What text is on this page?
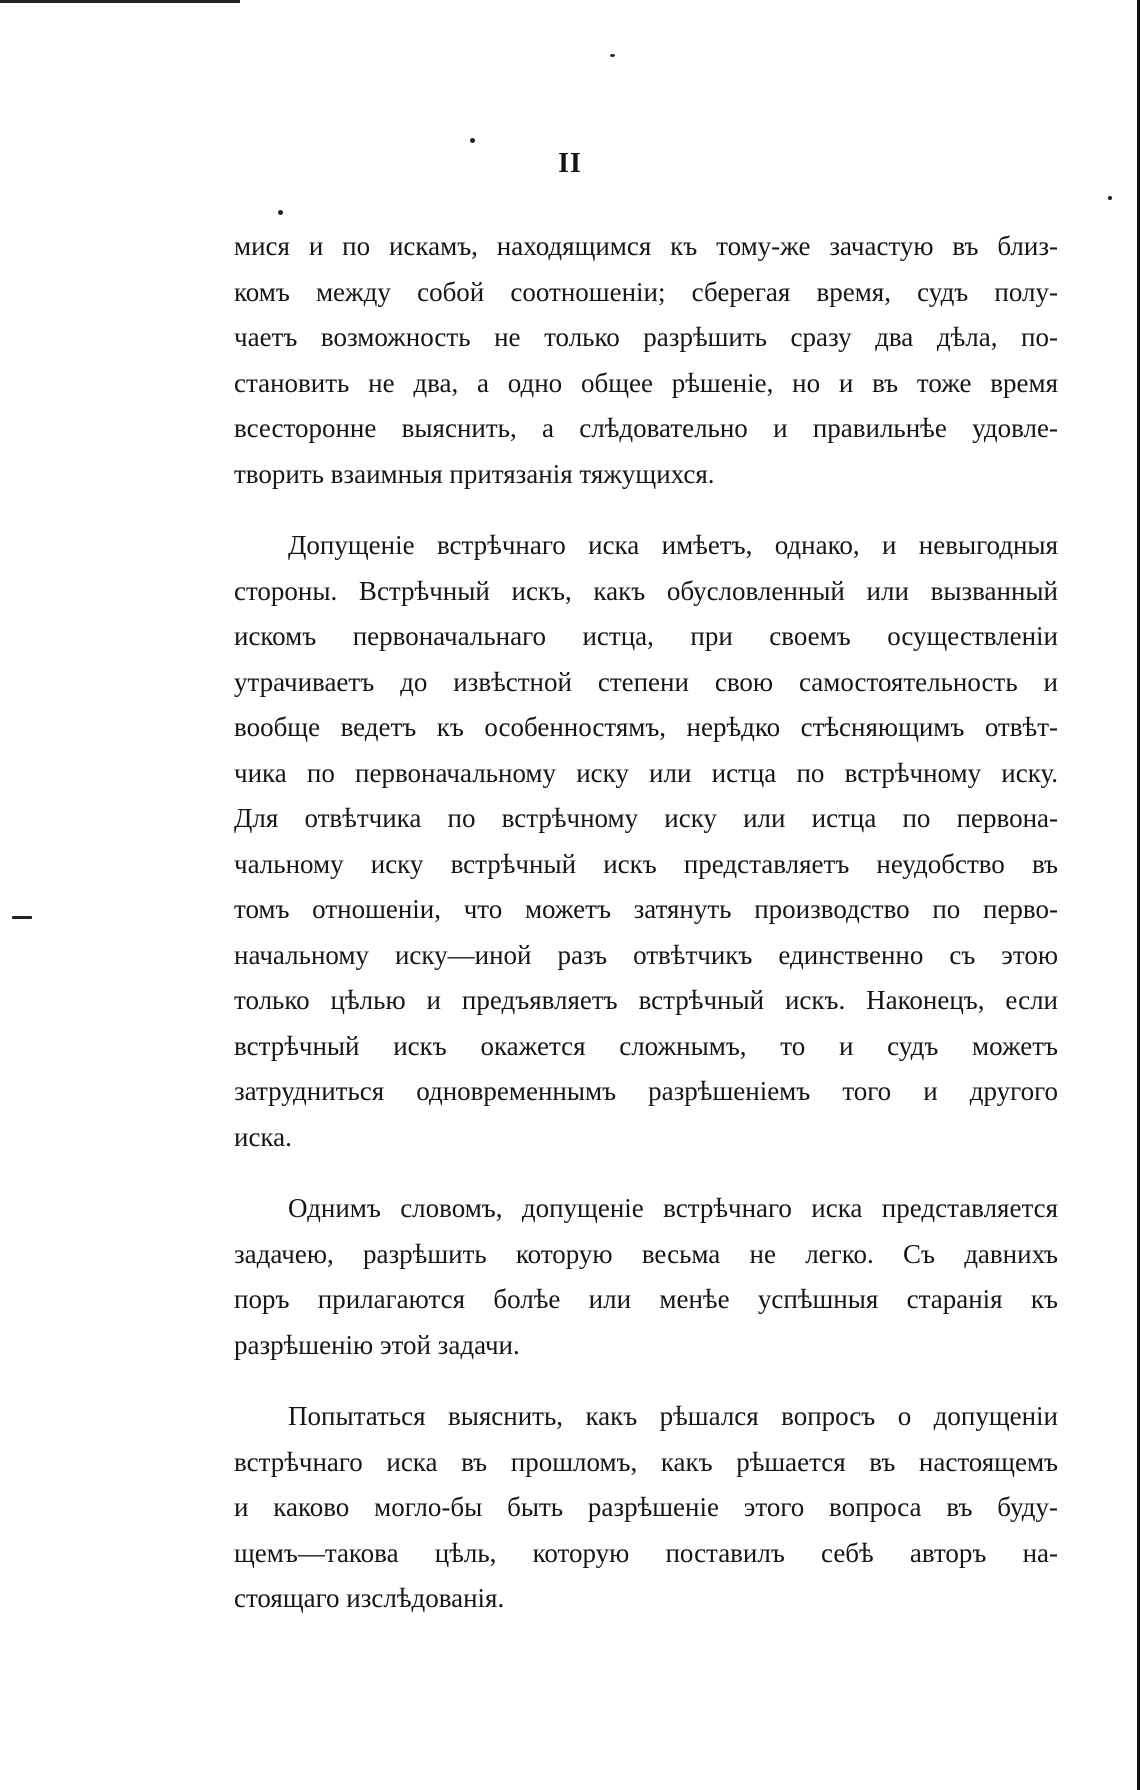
II
мися и по искамъ, находящимся къ тому-же зачастую въ близ-
комъ между собой соотношеніи; сберегая время, судъ полу-
чаетъ возможность не только разрѣшить сразу два дѣла, по-
становить не два, а одно общее рѣшеніе, но и въ тоже время
всесторонне выяснить, а слѣдовательно и правильнѣе удовле-
творить взаимныя притязанія тяжущихся.
Допущеніе встрѣчнаго иска имѣетъ, однако, и невыгодныя
стороны. Встрѣчный искъ, какъ обусловленный или вызванный
искомъ первоначальнаго истца, при своемъ осуществленіи
утрачиваетъ до извѣстной степени свою самостоятельность и
вообще ведетъ къ особенностямъ, нерѣдко стѣсняющимъ отвѣт-
чика по первоначальному иску или истца по встрѣчному иску.
Для отвѣтчика по встрѣчному иску или истца по первона-
чальному иску встрѣчный искъ представляетъ неудобство въ
томъ отношеніи, что можетъ затянуть производство по перво-
начальному иску—иной разъ отвѣтчикъ единственно съ этою
только цѣлью и предъявляетъ встрѣчный искъ. Наконецъ, если
встрѣчный искъ окажется сложнымъ, то и судъ можетъ
затрудниться одновременнымъ разрѣшеніемъ того и другого
иска.
Однимъ словомъ, допущеніе встрѣчнаго иска представляется
задачею, разрѣшить которую весьма не легко. Съ давнихъ
поръ прилагаются болѣе или менѣе успѣшныя старанія къ
разрѣшенію этой задачи.
Попытаться выяснить, какъ рѣшался вопросъ о допущеніи
встрѣчнаго иска въ прошломъ, какъ рѣшается въ настоящемъ
и каково могло-бы быть разрѣшеніе этого вопроса въ буду-
щемъ—такова цѣль, которую поставилъ себѣ авторъ на-
стоящаго изслѣдованія.
